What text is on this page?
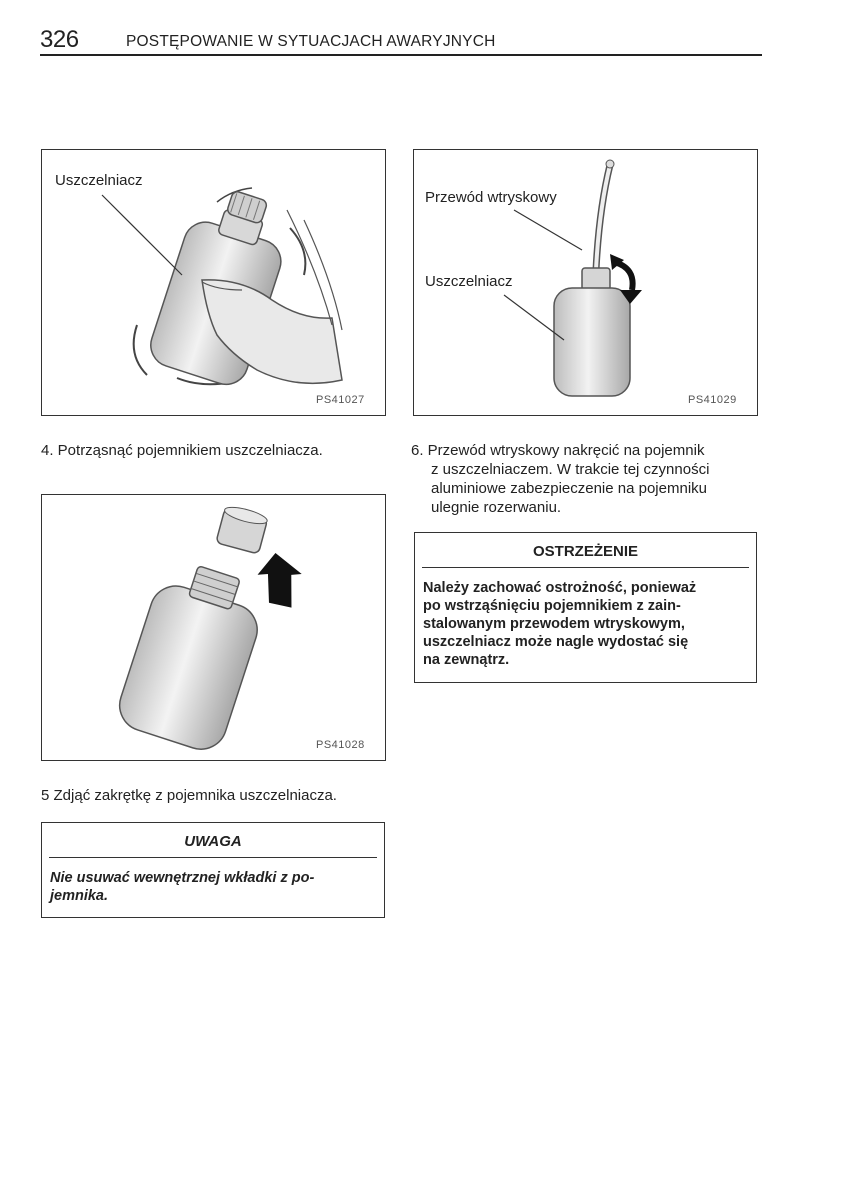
326	POSTĘPOWANIE W SYTUACJACH AWARYJNYCH
Uszczelniacz
PS41027
Przewód wtryskowy
Uszczelniacz
PS41029
4. Potrząsnąć pojemnikiem uszczelniacza.	6. Przewód wtryskowy nakręcić na pojemnik
z uszczelniaczem. W trakcie tej czynności
aluminiowe zabezpieczenie na pojemniku
ulegnie rozerwaniu.
PS41028
OSTRZEŻENIE
Należy zachować ostrożność, ponieważ
po wstrząśnięciu pojemnikiem z zain-
stalowanym przewodem wtryskowym,
uszczelniacz może nagle wydostać się
na zewnątrz.
5 Zdjąć zakrętkę z pojemnika uszczelniacza.
UWAGA
Nie usuwać wewnętrznej wkładki z po-
jemnika.
